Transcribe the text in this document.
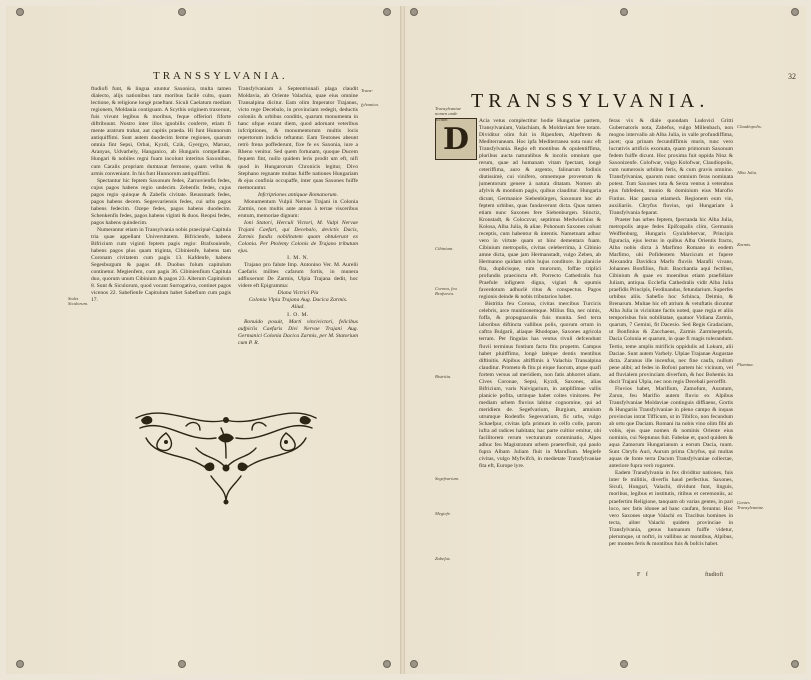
TRANSSYLVANIA.
Sedes Siculorum.
Trans-
fylvanica.

ftudiofi funt, & lingua utuntur Saxonica, multa tamen dialecto, alijs nationibus tam moribus facilè cultu, quam lectione, & religione longè praeftant. Siculi Caelatum mediam regionem, Moldauia contiguam. A Scythis originem traxerunt, fuis vivunt legibus & moribus, feque offeriori fiforte diftribuunt. Nostro inter illos ignobilis conferre, etiam fi mente aratrum trahat, aut capitis praeda. Hi funt Hunnorum antiquiffimi. Sunt autem duodecim ferme regiones, quarum omnia fint Sepsi, Orbai, Kyzdi, Czik, Gyergyo, Marusz, Aranyas, Udvarhely, Hanganico, ab Hungaris compellatae. Hungari & nobiles regni fuam incolunt interitus Saxonibus, cum Caralis propriam dumtaxat fermone, quam vellus & armis conveniant. In his funt Hunnorum antiquiffimi.

Spectantur hic feptem Saxonum fedes, Zarnuvienfis fedes, cujus pagos habens regio undecim. Zebenfis fedes, cujus pagos regio quinque & Zabefis civitate. Reussmark fedes, pagos habens decem. Segesvariensis fedes, cui urbs pagos habens fedecim. Ozepe fedes, pagos habens duodecim. Schenkenfis fedes, pagos habens viginti & duos. Reopsi fedes, pagos habens quindecim.

Numerantur etiam in Transylvania nobis praecipuè Capitula tria quae appellant Universitatem. Bifricienfe, habens Bifricium cum viginti feptem pagis regio: Brafsouienfe, habens pagos plus quam triginta, Cibinienfe, habens tam Coronam civitatem cum pagis 13. Kafdenfe, habens Segesburgum & pagos 48. Duobus folum capitulum continetur. Megienfem, cum pagis 36. Cibinienfium Capitula duo, quorum unum Cibinium & pagos 23. Alterum Capitulum 8. Sunt & Siculorum, quod vocant Surrogativa, continet pagos vicenos 22. Sabefienfe Capitulum habet Sabefium cum pagis 17.

Transfylvaniam à Septentrionali plaga claudit Moldavia, ab Oriente Valachia, quae eius omnine Transalpina dicitur. Eam olim Imperator Trajanus, victo rege Decebalo, in provinciam redegit, deductis coloniis & urbibus conditis, quarum monumenta in hanc ufque extant diem, quod adornant veteribus infcriptiones, & monumentorum multis locis repertorum indicio teftantur. Eam Teutones abeunt retrò frena poffederunt, fixe fe ex Saxonia, iure a Rheno venitur. Sed quem fortunam, quoque Ducem fequem fint, nullo quidem leris prodit um eft, nifi quod in Hungarorum Chronicis legitur, Divo Stephano regnante multas fuiffe nationes Hungariam & ejus confinia occupaffe, inter quas Saxones fuiffe memorantur.

Infcriptiones antiquae Romanorum.

Monumentum Vulpii Nervae Trajani in Colonia Zarmis, non multis ante annos à terrae visceribus erutum, memoriae dignum:

Ioni Statori, Herculi Victori, M. Vulpi Nervae Trajani Caefari, qui Decebalo, devictis Dacis, Zarmis fundis nobilitatem quam obtulerunt ex Colonia. Per Ptolemy Colonis de Trajano tributum ejus.

I. M. N.

Trajano pro falute Imp. Antonino Ver. M. Aurelii Caefaris milites cafarum fortis, in munera adfluxerunt De Zarmis, Ulpia Trajana dedit, hoc videre eft Epigramma:

Diana Victrici Pia

Colonia Vlpia Trajana Aug. Dacica Zarmis.

Aliud.

I. O. M.

Bonuido posuit, Marti vincivictori, felicibus aufpiciis Caefaris Divi Nervae Trajani Aug. Germanici Colonia Dacica Zarmis, per M. Statorium cum P. R.

32
TRANSSYLVANIA.
D
Transylvaniae nomen unde dictum.
Cibinium.
Corona, feu Brafsovia.
Bistritia.
Segefvarium.
Megiefe.
Zabefus.
Claudiopolis.
Alba Julia.
Zarmis.
Flumina.
Gentes Transylvaniae.

Acia vetus complectitur hodie Hungariae partem, Transylvaniam, Valachiam, & Moldaviam fere totam. Dividitur olim fuit in Ripenfem, Alpeftrem & Mediterraneam. Hoc ipfa Mediterranea nota nunc eft Transfylvania. Regio eft montibus & opulentiffima, pluribus aucta naturalibus & incolis omnium que rerum, quae ad humanam vitam fpectant, longè ceteriffima, auro & argento, falinarum fodinis diutissimè, cui vinifero, omnemque proventum & jumentorum genere à natura ditatam. Nomen ab afylvis & montium pagis, quibus clauditur. Hungaria dicunt, Germanice Siebenbürgen, Saxonum hoc ab feptem urbibus, quas fundaverunt dicta. Quas tamen etiam nunc Saxones fere Siebenburgen. Stinctiz, Kronstadt, & Coloczvar, septimus Medwischius & Kolosa, Alba Julia, & aliae. Pohonum Saxones colunt receptis, cum habentur & intentis. Nametnam adhuc vero in virtute quam ut hinc dementara fuam. Cibinium metropolis, civitas celeberrima, à Cibinio amne dicta, quae jam Hermanstadt, vulgo Zeben, ab Hermanno quidam urbis hujus conditore. In planicie fita, duplicisque, tum murorum, foffae triplici profundis praecincta eft. Porrecto Cathedralis fua Praefule infignem digna, vigiari & opumis faverdotum adhuclè ritus & conspectus. Pagos regionis deinde & nobis tributarios habet.

Bistritia feu Corona, civitas mercibus Turcicis celebris, arce munitionemque. Milius fita, nec nimis, foffa, & propugnaculis fuis munita. Sed terra laboribus diftincta vallibus polis, quorum ortum in caftra Bulgarii, aliaque Rhodopae, Saxones agricola terram. Per fingulas has ventus rivuli defcendunt fluvii terminus fontium factu fitu propetm. Campus habet pluitffimo, longè latèque dentis mentibus diftinitis. Alpibus altiffimis à Valachia Transalpina clauditur. Prometo & fitu pi eique fuorum, atque quafi fortem versus ad meridiem, non fatis abhorret aliam. Cives Coronae, Sepsi, Kyzdi, Saxones, alias Bifricium, varis Naivigarium, in amplifimae vallis planicie pofita, utrinque habet coltes vinitores. Per mediam urbem fluvius labitur cognomine, qui ad meridiem de. Segefvarium, Burgium, amnium utrumque Rodenfis Segesvarium, fic urbs, vulgo Schaefpur, civitas ipfa primum in celfo colle, parum iufra ad radices habitata; hac parte cultior emitur, ubi facilitorem rerum vecturarum comminatio, Alpes adhuc feu Magistratum urbem praeterfluit, qui paulo fupra Albam Juliam fluit in Marufium. Megiefe civitas, vulgo Myfwifch, in medietate Transfylvaniae fita eft, Europe lyre.

feras vix & diale quondam Ludovici Gritti Gubernatoris nota, Zabefus, vulgo Millenbach, non mogno intervallo ab Alba Julia, in valle profundiffima, jacet; qua prinam fecundiffimis muris, tunc vero lucrativis artificis exornata, quam primorum Saxonum fedem fuiffe dicunt. Hoc proxima fuit oppida Ninz & Saxonizenfe. Colofwar, vulgo Kolofwar, Claudiopolis, cum numerosis urbibus feris, & cum gravis omnino. Transfylvanias, quarum nunc omnium feras nominata potest. Tum Saxones tota & Sexta ventus à veterabus ejus fubfedent, munio & dominium eius Marofio Fiutius. Hac pascua etiamerà. Regionem eum vin, auxiliariis. Chryfus fluvius, qui Hungariam à Transfylvania feparat.

Praeter has urbes feptem, fpectanda hic Alba Julia, metropolis atque fedes Epifcopalis clim, Germanis Weiffenburg, Hungaris Gyulafehervar, Principis figuracia, ejus lectus in quibus Alba Orientis fractu, Alba nobis dicta à Marfimo Romano in eodem Marfimo, ubi Pofidentem Marcicum et fupere Alexandra Davidica Marfo fluviis Marafii vivans, Johannes Bonfilius, fluit. Bacchantia aqui fectibus, Cibinium & quae ex moenibus etiam praefidiare Juliam, antiqua. Ecclefia Cathedralis vidit Alba Julia praefidis Principis, Ferdinandus, fetundarium. Superfes urbibus aliis. Sabefio hoc Schinca, Deimio, & Brenarum. Multae hic eft atrium & vetuftatis dicuntur Alba Julia in vicinitate factis noted, quae regia et aliis temporisbus fuis nobilitatae, quatuor Vidiana Zarmis, quarum, 7 Gemini, fit Dacesio. Sed Regis Gradaciam, ut Bonfinius & Zacchaeus, Zarmis Zarmisegetufa, Dacia Colonia et quarum, in quae fi magis tolerandum. Tertio, teme amplis mirificis oppidulis ad Lokum, alii Daciae. Sunt autem Varhely. Ulpiae Trajanae Augustae dicta. Zaranus ille incenfus, nec fine caufa, nullum pene alibi; ad fedes in Bofoni partem hic vicinum, vel ad fluvialem provinciam diverfum, & hoc Bohemis ita ducit Trajani Ulpia, nec non regis Decebali perceffit.

Fluvios habet, Marifium, Zamofum, Auratum, Zarun, feu Marifio autem fluvio ex Alpibus Transfylvaniae Moldaviae continguis diffiaens, Gortis & Hungariis Transfylvaniae in pleno campo & inquas provincias intrat Tifficum, ut in Tibifco, non fecundum ab ortu que Daciam. Romani ita nobis vino olim fibi ab vobis, ejus quae nomen & nominis Oriente eius nominis, cui Neptunus fuit. Fabelae et, quod quidem & aqua Zamorum Hungarianum a eorum Dacia, tuum. Sunt Chryfo Auri, Aurum prima Chryfus, qui multas aquas de fonte terra Dacum Transfylvaniae collectae, anteriore fupra verò rogarem.

Eadem Transfylvania in fex dividitur nationes, fuis inter fe militiis, diverfis haud perfectius. Saxones, Siculi, Hungari, Valachi, dividunt funt, linguis, moribus, legibus et institutis, ritibus et ceremoniis, ac praefertim Religione, tanquam ob varias gentes, in pari loco, nec fatis idonee ad hanc caufam, feruntur. Hoc vero Saxones utque Valachi ex Tracibus homines in tecta, aliter Valachi quidem provinciae in Transfylvania, genus humanum fuiffe videtur, plerumque, ut noftri, in vallibus ac montibus, Alpibus, per montes feris & montibus fuis & bofcis habet.

F f	ftudiofi
